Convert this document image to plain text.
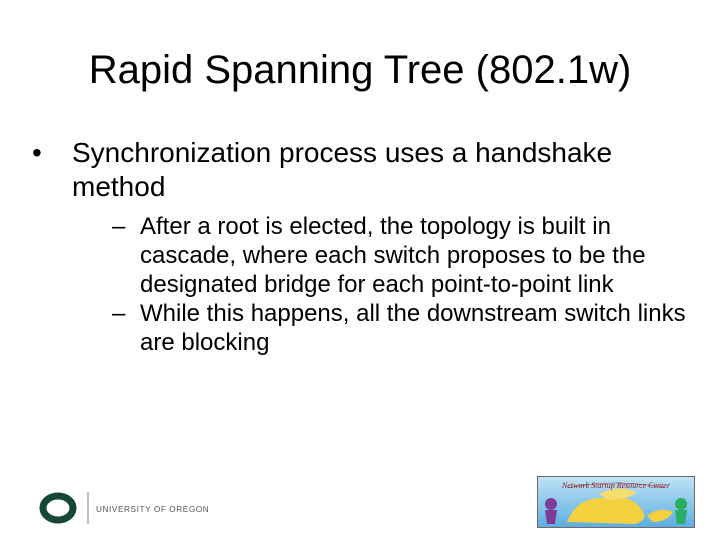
Rapid Spanning Tree (802.1w)
• Synchronization process uses a handshake method
– After a root is elected, the topology is built in cascade, where each switch proposes to be the designated bridge for each point-to-point link
– While this happens, all the downstream switch links are blocking
UNIVERSITY OF OREGON
Network Startup Resource Center
